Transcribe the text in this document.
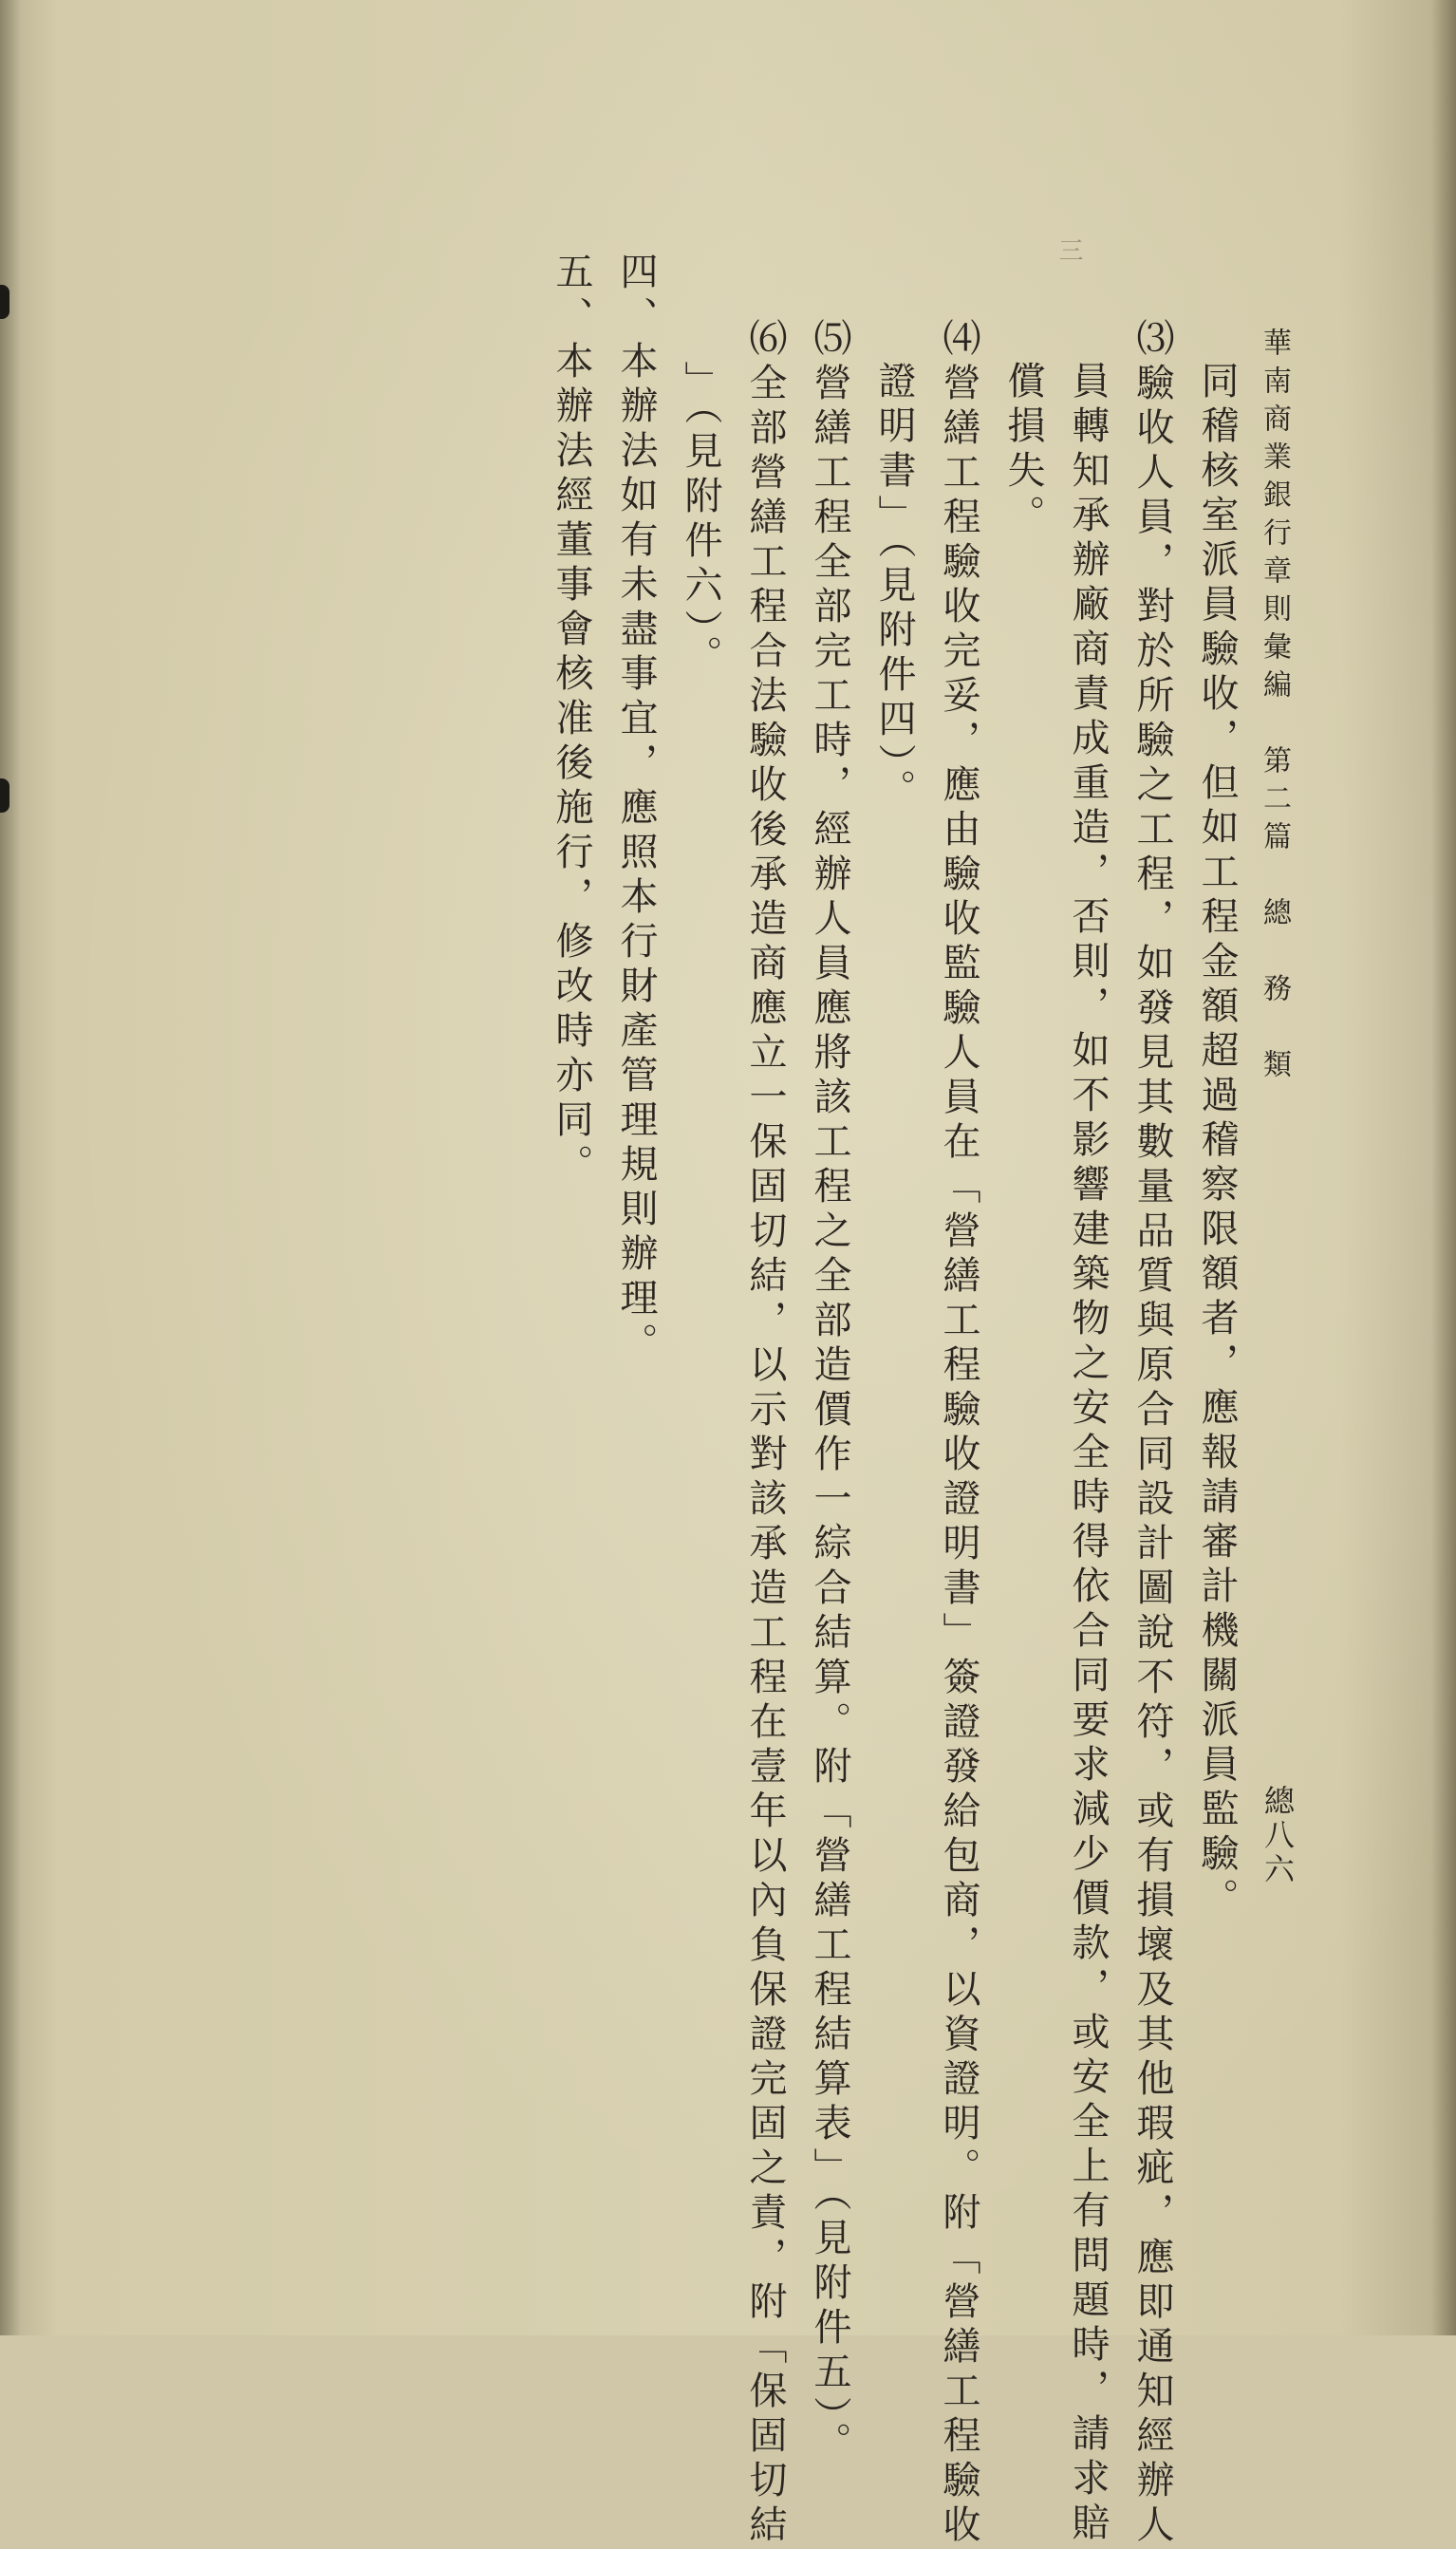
三
華南商業銀行章則彙編　第二篇　總　務　類
總八六
同稽核室派員驗收，但如工程金額超過稽察限額者，應報請審計機關派員監驗。
⑶驗收人員，對於所驗之工程，如發見其數量品質與原合同設計圖說不符，或有損壞及其他瑕疵，應即通知經辦人
員轉知承辦廠商責成重造，否則，如不影響建築物之安全時得依合同要求減少價款，或安全上有問題時，請求賠
償損失。
⑷營繕工程驗收完妥，應由驗收監驗人員在「營繕工程驗收證明書」簽證發給包商，以資證明。附「營繕工程驗收
證明書」（見附件四）。
⑸營繕工程全部完工時，經辦人員應將該工程之全部造價作一綜合結算。附「營繕工程結算表」（見附件五）。
⑹全部營繕工程合法驗收後承造商應立一保固切結，以示對該承造工程在壹年以內負保證完固之責，附「保固切結
」（見附件六）。
四、本辦法如有未盡事宜，應照本行財產管理規則辦理。
五、本辦法經董事會核准後施行，修改時亦同。
